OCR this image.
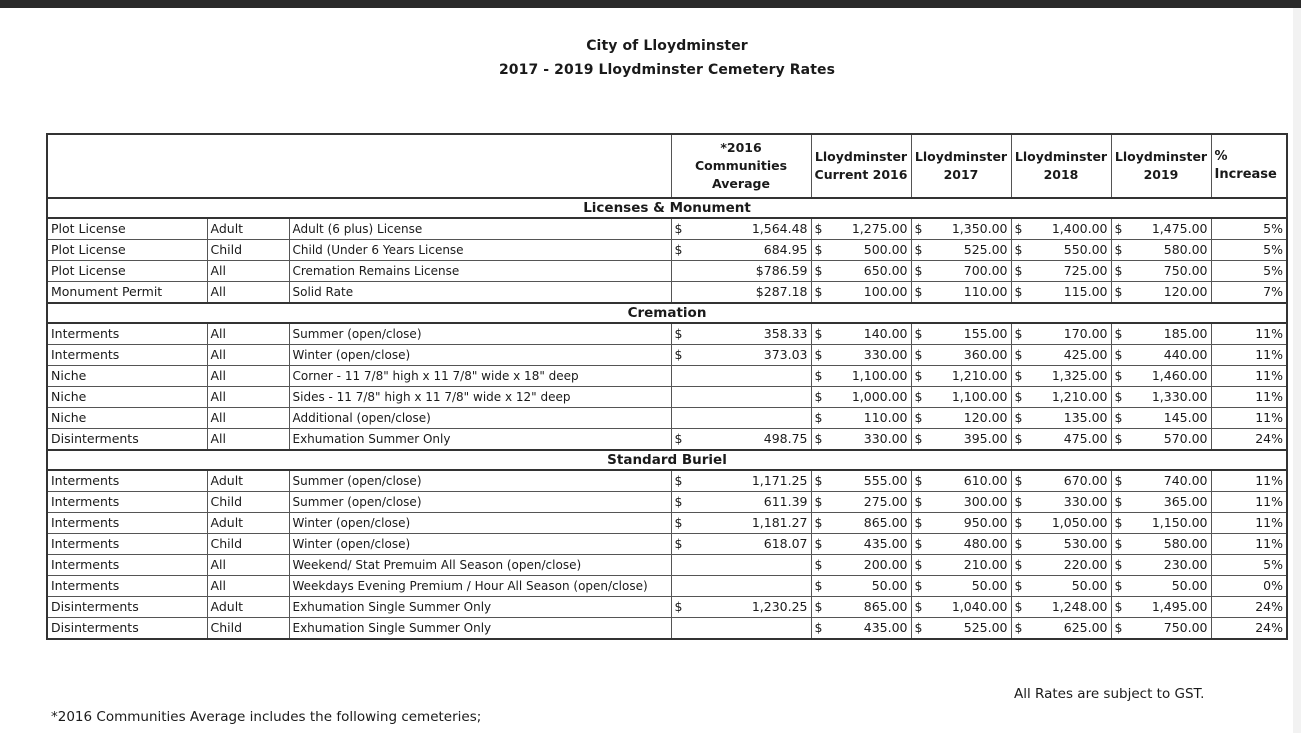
City of Lloydminster
2017 - 2019 Lloydminster Cemetery Rates
			*2016 Communities Average	Lloydminster Current 2016	Lloydminster 2017	Lloydminster 2018	Lloydminster 2019	% Increase
Licenses & Monument								
Plot License	Adult	Adult (6 plus) License	$ 1,564.48	$ 1,275.00	$ 1,350.00	$ 1,400.00	$ 1,475.00	5%
Plot License	Child	Child (Under 6 Years License	$ 684.95	$ 500.00	$ 525.00	$ 550.00	$ 580.00	5%
Plot License	All	Cremation Remains License	$786.59	$ 650.00	$ 700.00	$ 725.00	$ 750.00	5%
Monument Permit	All	Solid Rate	$287.18	$ 100.00	$ 110.00	$ 115.00	$ 120.00	7%
Cremation								
Interments	All	Summer (open/close)	$ 358.33	$ 140.00	$ 155.00	$ 170.00	$ 185.00	11%
Interments	All	Winter (open/close)	$ 373.03	$ 330.00	$ 360.00	$ 425.00	$ 440.00	11%
Niche	All	Corner - 11 7/8" high x 11 7/8" wide x 18" deep		$ 1,100.00	$ 1,210.00	$ 1,325.00	$ 1,460.00	11%
Niche	All	Sides - 11 7/8" high x 11 7/8" wide x 12" deep		$ 1,000.00	$ 1,100.00	$ 1,210.00	$ 1,330.00	11%
Niche	All	Additional (open/close)		$ 110.00	$ 120.00	$ 135.00	$ 145.00	11%
Disinterments	All	Exhumation Summer Only	$ 498.75	$ 330.00	$ 395.00	$ 475.00	$ 570.00	24%
Standard Buriel								
Interments	Adult	Summer (open/close)	$ 1,171.25	$ 555.00	$ 610.00	$ 670.00	$ 740.00	11%
Interments	Child	Summer (open/close)	$ 611.39	$ 275.00	$ 300.00	$ 330.00	$ 365.00	11%
Interments	Adult	Winter (open/close)	$ 1,181.27	$ 865.00	$ 950.00	$ 1,050.00	$ 1,150.00	11%
Interments	Child	Winter (open/close)	$ 618.07	$ 435.00	$ 480.00	$ 530.00	$ 580.00	11%
Interments	All	Weekend/ Stat Premuim All Season (open/close)		$ 200.00	$ 210.00	$ 220.00	$ 230.00	5%
Interments	All	Weekdays Evening Premium / Hour All Season (open/close)		$ 50.00	$ 50.00	$ 50.00	$ 50.00	0%
Disinterments	Adult	Exhumation Single Summer Only	$ 1,230.25	$ 865.00	$ 1,040.00	$ 1,248.00	$ 1,495.00	24%
Disinterments	Child	Exhumation Single Summer Only		$ 435.00	$ 525.00	$ 625.00	$ 750.00	24%
All Rates are subject to GST.
*2016 Communities Average includes the following cemeteries;
